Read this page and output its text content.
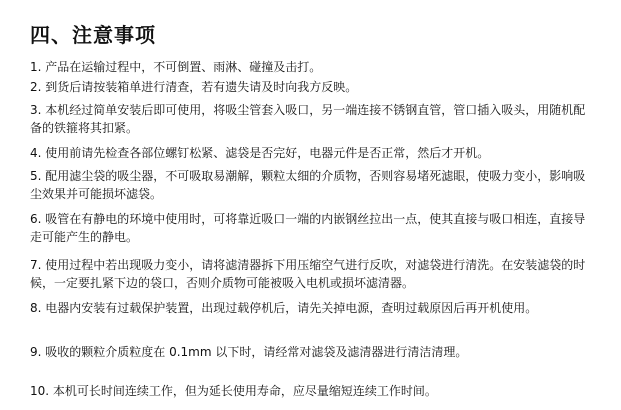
四、注意事项

1. 产品在运输过程中，不可倒置、雨淋、碰撞及击打。

2. 到货后请按装箱单进行清查，若有遗失请及时向我方反映。

3. 本机经过简单安装后即可使用，将吸尘管套入吸口，另一端连接不锈钢直管，管口插入吸头，用随机配备的铁箍将其扣紧。

4. 使用前请先检查各部位螺钉松紧、滤袋是否完好，电器元件是否正常，然后才开机。

5. 配用滤尘袋的吸尘器，不可吸取易潮解，颗粒太细的介质物，否则容易堵死滤眼，使吸力变小，影响吸尘效果并可能损坏滤袋。

6. 吸管在有静电的环境中使用时，可将靠近吸口一端的内嵌钢丝拉出一点，使其直接与吸口相连，直接导走可能产生的静电。

7. 使用过程中若出现吸力变小，请将滤清器拆下用压缩空气进行反吹，对滤袋进行清洗。在安装滤袋的时候，一定要扎紧下边的袋口，否则介质物可能被吸入电机或损坏滤清器。

8. 电器内安装有过载保护装置，出现过载停机后，请先关掉电源，查明过载原因后再开机使用。

9. 吸收的颗粒介质粒度在 0.1mm 以下时，请经常对滤袋及滤清器进行清洁清理。

10. 本机可长时间连续工作，但为延长使用寿命，应尽量缩短连续工作时间。
